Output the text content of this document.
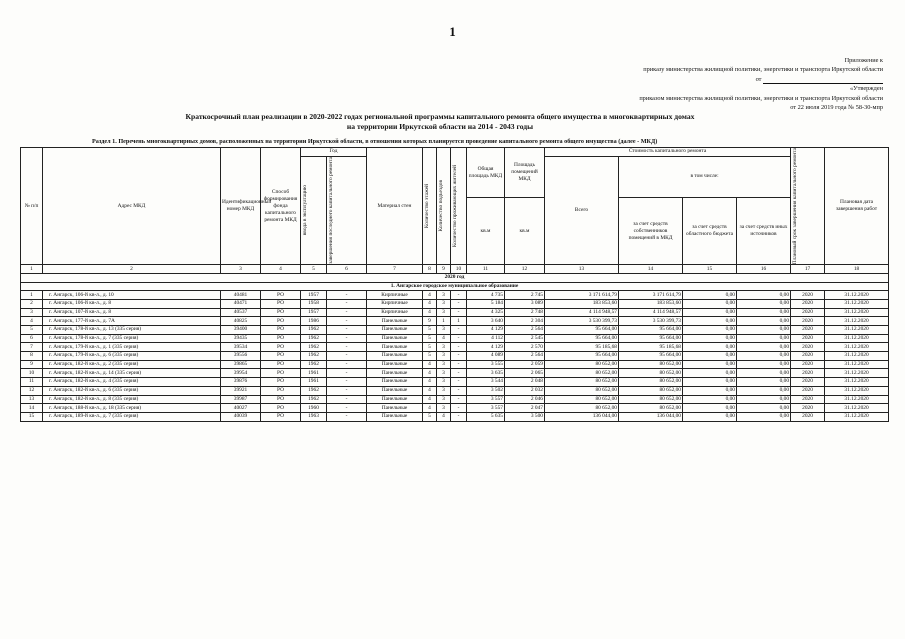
1
Приложение к
приказу министерства жилищной политики, энергетики и транспорта Иркутской области
от
«Утвержден
приказом министерства жилищной политики, энергетики и транспорта Иркутской области
от 22 июля 2019 года № 58-30-мпр
Краткосрочный план реализации в 2020-2022 годах региональной программы капитального ремонта общего имущества в многоквартирных домах
на территории Иркутской области на 2014 - 2043 годы
Раздел 1. Перечень многоквартирных домов, расположенных на территории Иркутской области, в отношении которых планируется проведение капитального ремонта общего имущества (далее - МКД)
№ п/п	Адрес МКД	Идентификационный номер МКД	Способ формирования фонда капитального ремонта МКД	Год		Материал стен	Количество этажей	Количество подъездов	Количество проживающих жителей	Общая площадь МКД	Площадь помещений МКД	Стоимость капитального ремонта				Плановый срок завершения капитального ремонта	Плановая дата завершения работ

				ввода в эксплуатацию	завершения последнего капитального ремонта							Всего	в том числе:				
										кв.м	кв.м		за счет средств собственников помещений в МКД	за счет средств областного бюджета	за счет средств иных источников		
1	2	3	4	5	6	7	8	9	10	11	12	13	14	15	16	17	18
2020 год																	
1. Ангарское городское муниципальное образование																	
1	г. Ангарск, 106-й кв-л., д. 10	40481	РО	1957	-	Кирпичные	4	3	-	4 735	2 745	3 171 614,79	3 171 614,79	0,00	0,00	2020	31.12.2020
2	г. Ангарск, 106-й кв-л., д. 8	40471	РО	1958	-	Кирпичные	4	3	-	5 184	3 089	183 853,60	183 853,60	0,00	0,00	2020	31.12.2020
3	г. Ангарск, 107-й кв-л., д. 8	40537	РО	1957	-	Кирпичные	4	3	-	4 325	2 748	4 114 948,57	4 114 948,57	0,00	0,00	2020	31.12.2020
4	г. Ангарск, 177-й кв-л., д. 7А	40825	РО	1986	-	Панельные	9	1	1	3 640	2 304	3 530 399,73	3 530 399,73	0,00	0,00	2020	31.12.2020
5	г. Ангарск, 178-й кв-л., д. 13 (335 серия)	39400	РО	1962	-	Панельные	5	3	-	4 129	2 564	95 664,00	95 664,00	0,00	0,00	2020	31.12.2020
6	г. Ангарск, 178-й кв-л., д. 7 (335 серия)	39435	РО	1962	-	Панельные	5	4	-	4 112	2 545	95 664,00	95 664,00	0,00	0,00	2020	31.12.2020
7	г. Ангарск, 179-й кв-л., д. 1 (335 серия)	39534	РО	1962	-	Панельные	5	3	-	4 129	2 570	95 185,68	95 185,68	0,00	0,00	2020	31.12.2020
8	г. Ангарск, 179-й кв-л., д. 6 (335 серия)	39556	РО	1962	-	Панельные	5	3	-	4 089	2 564	95 664,00	95 664,00	0,00	0,00	2020	31.12.2020
9	г. Ангарск, 182-й кв-л., д. 2 (335 серия)	39865	РО	1962	-	Панельные	4	3	-	3 555	2 059	80 652,00	80 652,00	0,00	0,00	2020	31.12.2020
10	г. Ангарск, 182-й кв-л., д. 14 (335 серия)	39954	РО	1961	-	Панельные	4	3	-	3 635	2 065	80 652,00	80 652,00	0,00	0,00	2020	31.12.2020
11	г. Ангарск, 182-й кв-л., д. 4 (335 серия)	39876	РО	1961	-	Панельные	4	3	-	3 544	2 048	80 652,00	80 652,00	0,00	0,00	2020	31.12.2020
12	г. Ангарск, 182-й кв-л., д. 6 (335 серия)	39921	РО	1962	-	Панельные	4	3	-	3 502	2 032	80 652,00	80 652,00	0,00	0,00	2020	31.12.2020
13	г. Ангарск, 182-й кв-л., д. 8 (335 серия)	39987	РО	1962	-	Панельные	4	3	-	3 557	2 046	80 652,00	80 652,00	0,00	0,00	2020	31.12.2020
14	г. Ангарск, 188-й кв-л., д. 18 (335 серия)	40027	РО	1960	-	Панельные	4	3	-	3 557	2 047	80 652,00	80 652,00	0,00	0,00	2020	31.12.2020
15	г. Ангарск, 189-й кв-л., д. 7 (335 серия)	40039	РО	1963	-	Панельные	5	4	-	5 635	3 500	136 044,00	136 044,00	0,00	0,00	2020	31.12.2020
